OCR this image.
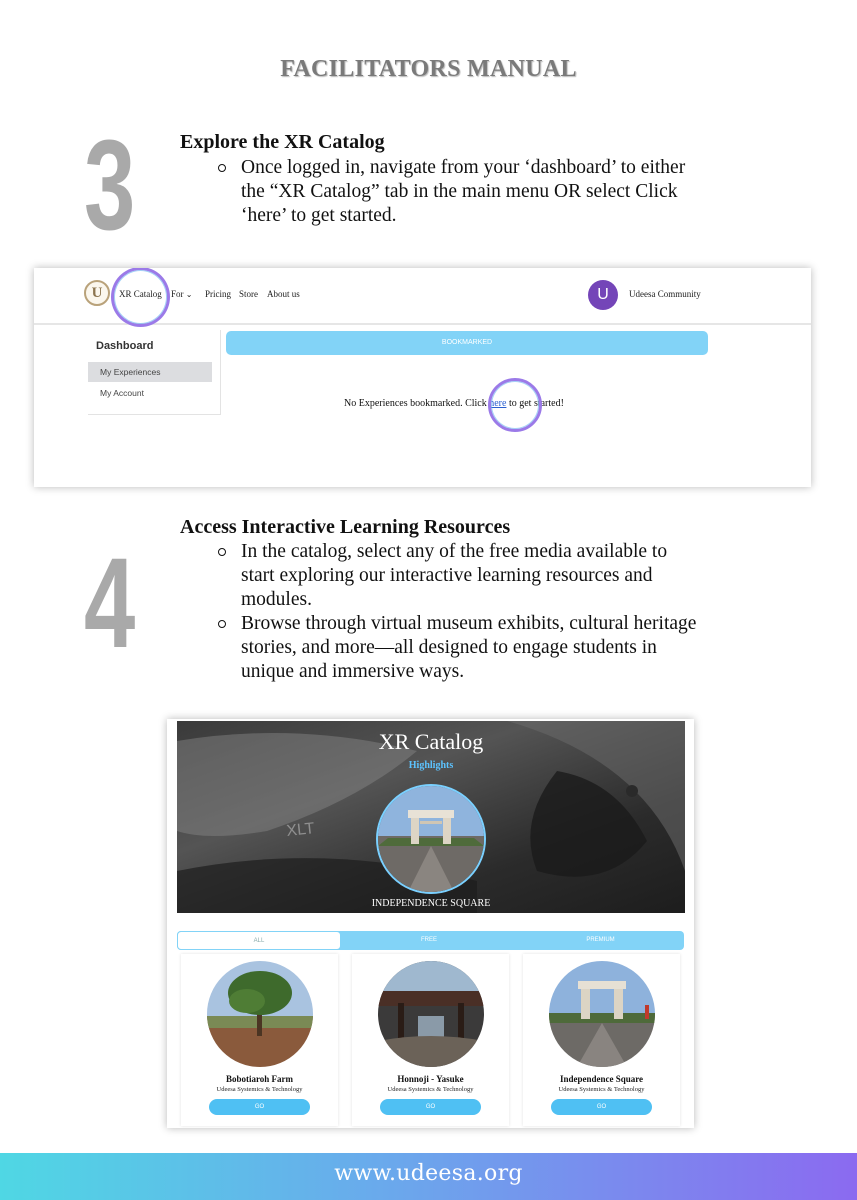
FACILITATORS MANUAL
3 Explore the XR Catalog
Once logged in, navigate from your ‘dashboard’ to either the “XR Catalog” tab in the main menu OR select Click ‘here’ to get started.
U	XR Catalog For ⌄ Pricing Store About us	U	Udeesa Community
Dashboard
My Experiences
My Account
BOOKMARKED
No Experiences bookmarked. Click here to get started!
4
Access Interactive Learning Resources
In the catalog, select any of the free media available to start exploring our interactive learning resources and modules.
Browse through virtual museum exhibits, cultural heritage stories, and more—all designed to engage students in unique and immersive ways.
XLT
XR Catalog
Highlights
INDEPENDENCE SQUARE
ALL	FREE	PREMIUM
Bobotiaroh Farm
Udeesa Systemics & Technology
GO
Honnoji - Yasuke
Udeesa Systemics & Technology
GO
Independence Square
Udeesa Systemics & Technology
GO
www.udeesa.org
